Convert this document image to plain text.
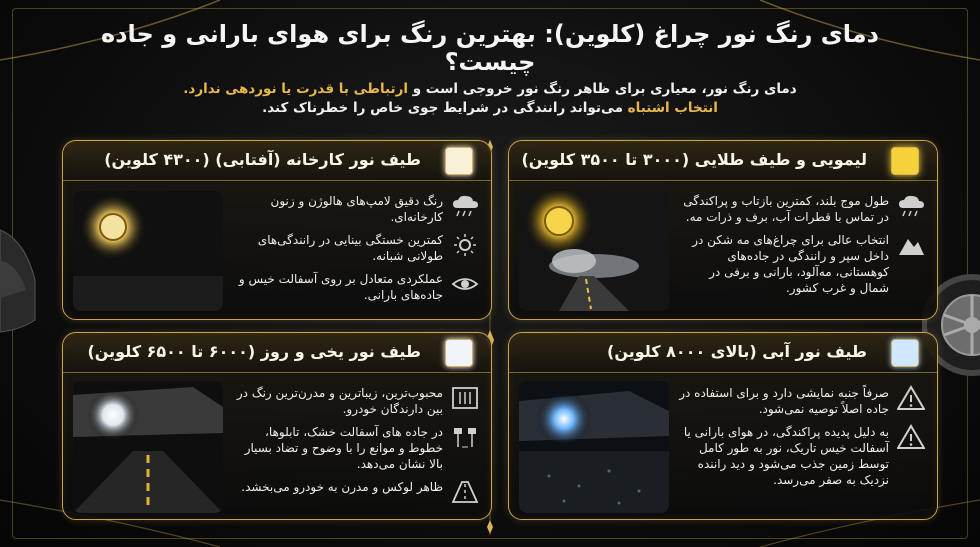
دمای رنگ نور چراغ (کلوین): بهترین رنگ برای هوای بارانی و جاده چیست؟
دمای رنگ نور، معیاری برای ظاهر رنگ نور خروجی است و ارتباطی با قدرت یا نوردهی ندارد.
انتخاب اشتباه می‌تواند رانندگی در شرایط جوی خاص را خطرناک کند.
لیمویی و طیف طلایی (۳۰۰۰ تا ۳۵۰۰ کلوین)
طول موج بلند، کمترین بازتاب و پراکندگی در تماس با قطرات آب، برف و ذرات مه.
انتخاب عالی برای چراغ‌های مه شکن در داخل سپر و رانندگی در جاده‌های کوهستانی، مه‌آلود، بارانی و برفی در شمال و غرب کشور.
طیف نور کارخانه (آفتابی) (۴۳۰۰ کلوین)
رنگ دقیق لامپ‌های هالوژن و زنون کارخانه‌ای.
کمترین خستگی بینایی در رانندگی‌های طولانی شبانه.
عملکردی متعادل بر روی آسفالت خیس و جاده‌های بارانی.
طیف نور آبی (بالای ۸۰۰۰ کلوین)
صرفاً جنبه نمایشی دارد و برای استفاده در جاده اصلاً توصیه نمی‌شود.
به دلیل پدیده پراکندگی، در هوای بارانی یا آسفالت خیس تاریک، نور به طور کامل توسط زمین جذب می‌شود و دید راننده نزدیک به صفر می‌رسد.
طیف نور یخی و روز (۶۰۰۰ تا ۶۵۰۰ کلوین)
محبوب‌ترین، زیباترین و مدرن‌ترین رنگ در بین دارندگان خودرو.
در جاده های آسفالت خشک، تابلوها، خطوط و موانع را با وضوح و تضاد بسیار بالا نشان می‌دهد.
ظاهر لوکس و مدرن به خودرو می‌بخشد.
